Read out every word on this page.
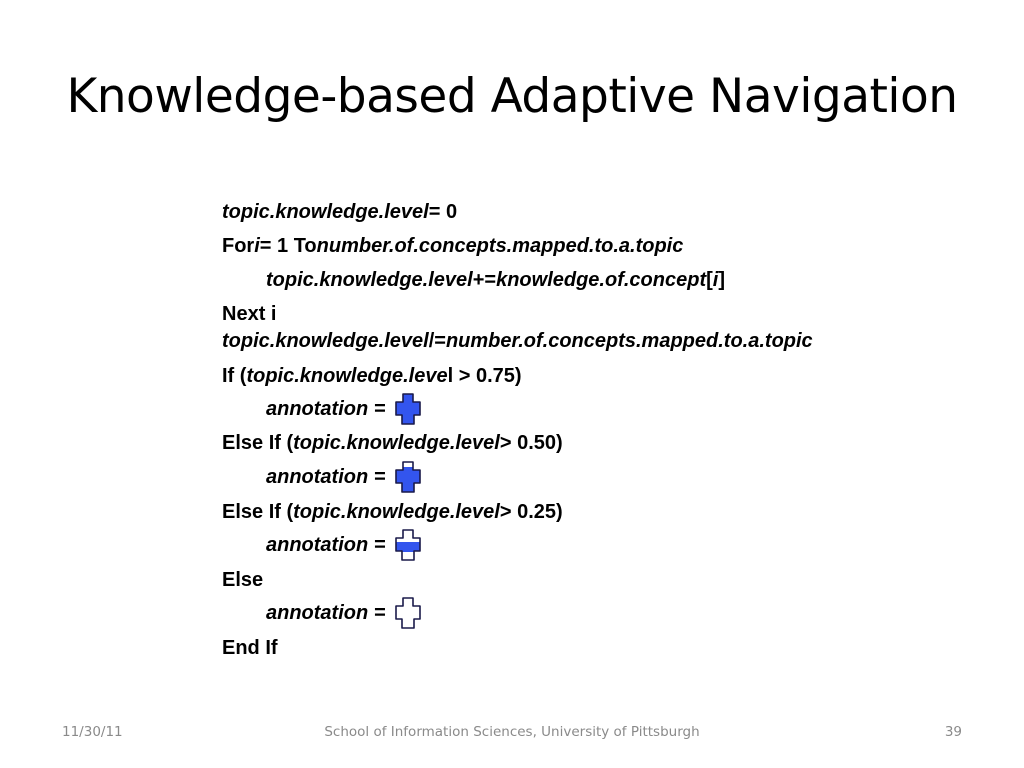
Knowledge-based Adaptive Navigation
topic.knowledge.level = 0
For i = 1 To number.of.concepts.mapped.to.a.topic
topic.knowledge.level += knowledge.of.concept [ i ]
Next i
topic.knowledge.level /= number.of.concepts.mapped.to.a.topic
If ( topic.knowledge.leve l > 0.75)
annotation =
Else If ( topic.knowledge.level > 0.50)
annotation =
Else If ( topic.knowledge.level > 0.25)
annotation =
Else
annotation =
End If
11/30/11	School of Information Sciences, University of Pittsburgh	39
